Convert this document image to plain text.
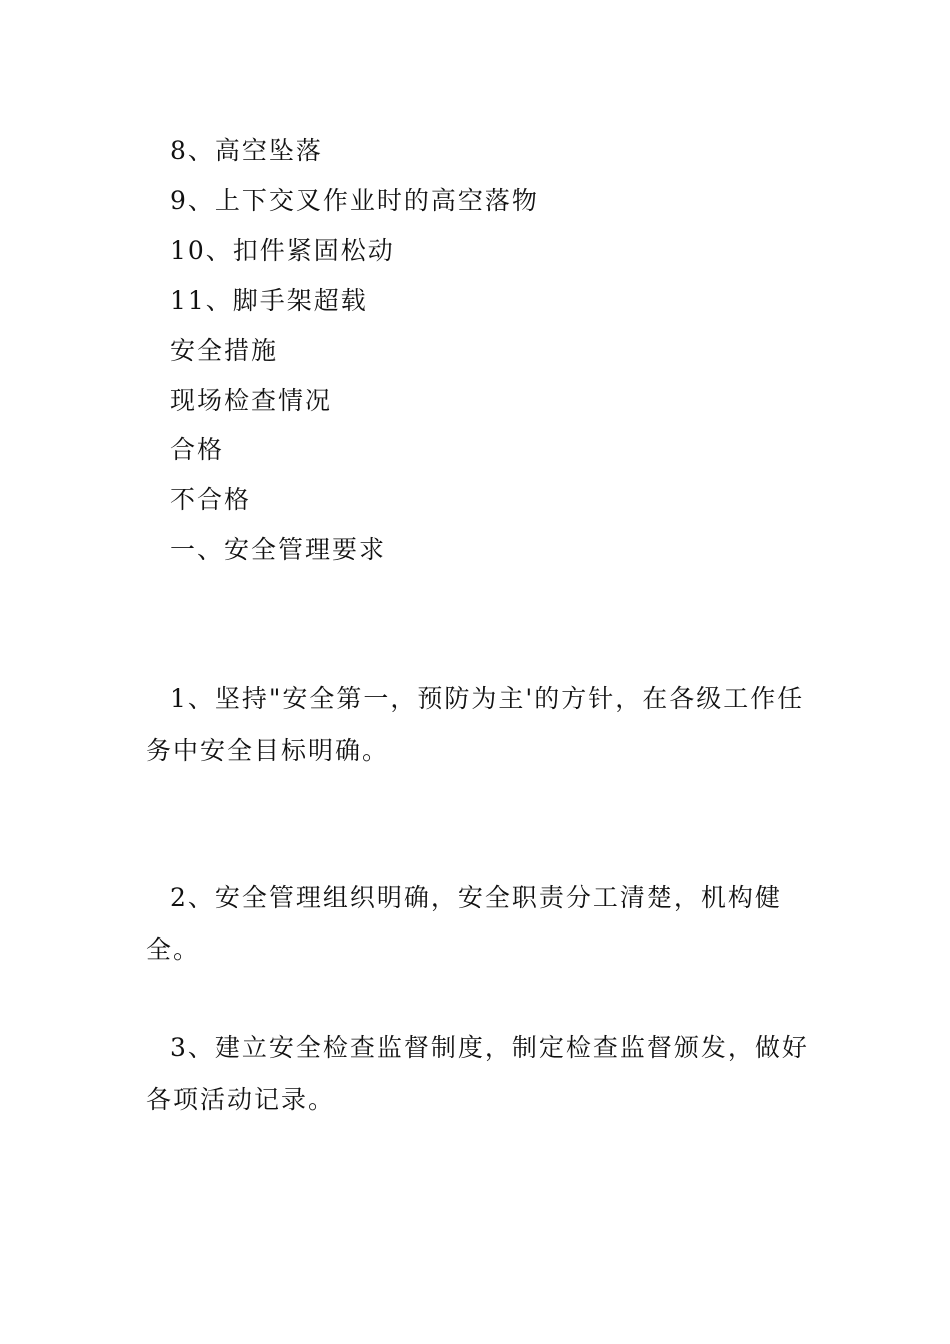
8、高空坠落
9、上下交叉作业时的高空落物
10、扣件紧固松动
11、脚手架超载
安全措施
现场检查情况
合格
不合格
一、安全管理要求
1、坚持"安全第一，预防为主'的方针，在各级工作任务中安全目标明确。
2、安全管理组织明确，安全职责分工清楚，机构健全。
3、建立安全检查监督制度，制定检查监督颁发，做好各项活动记录。
